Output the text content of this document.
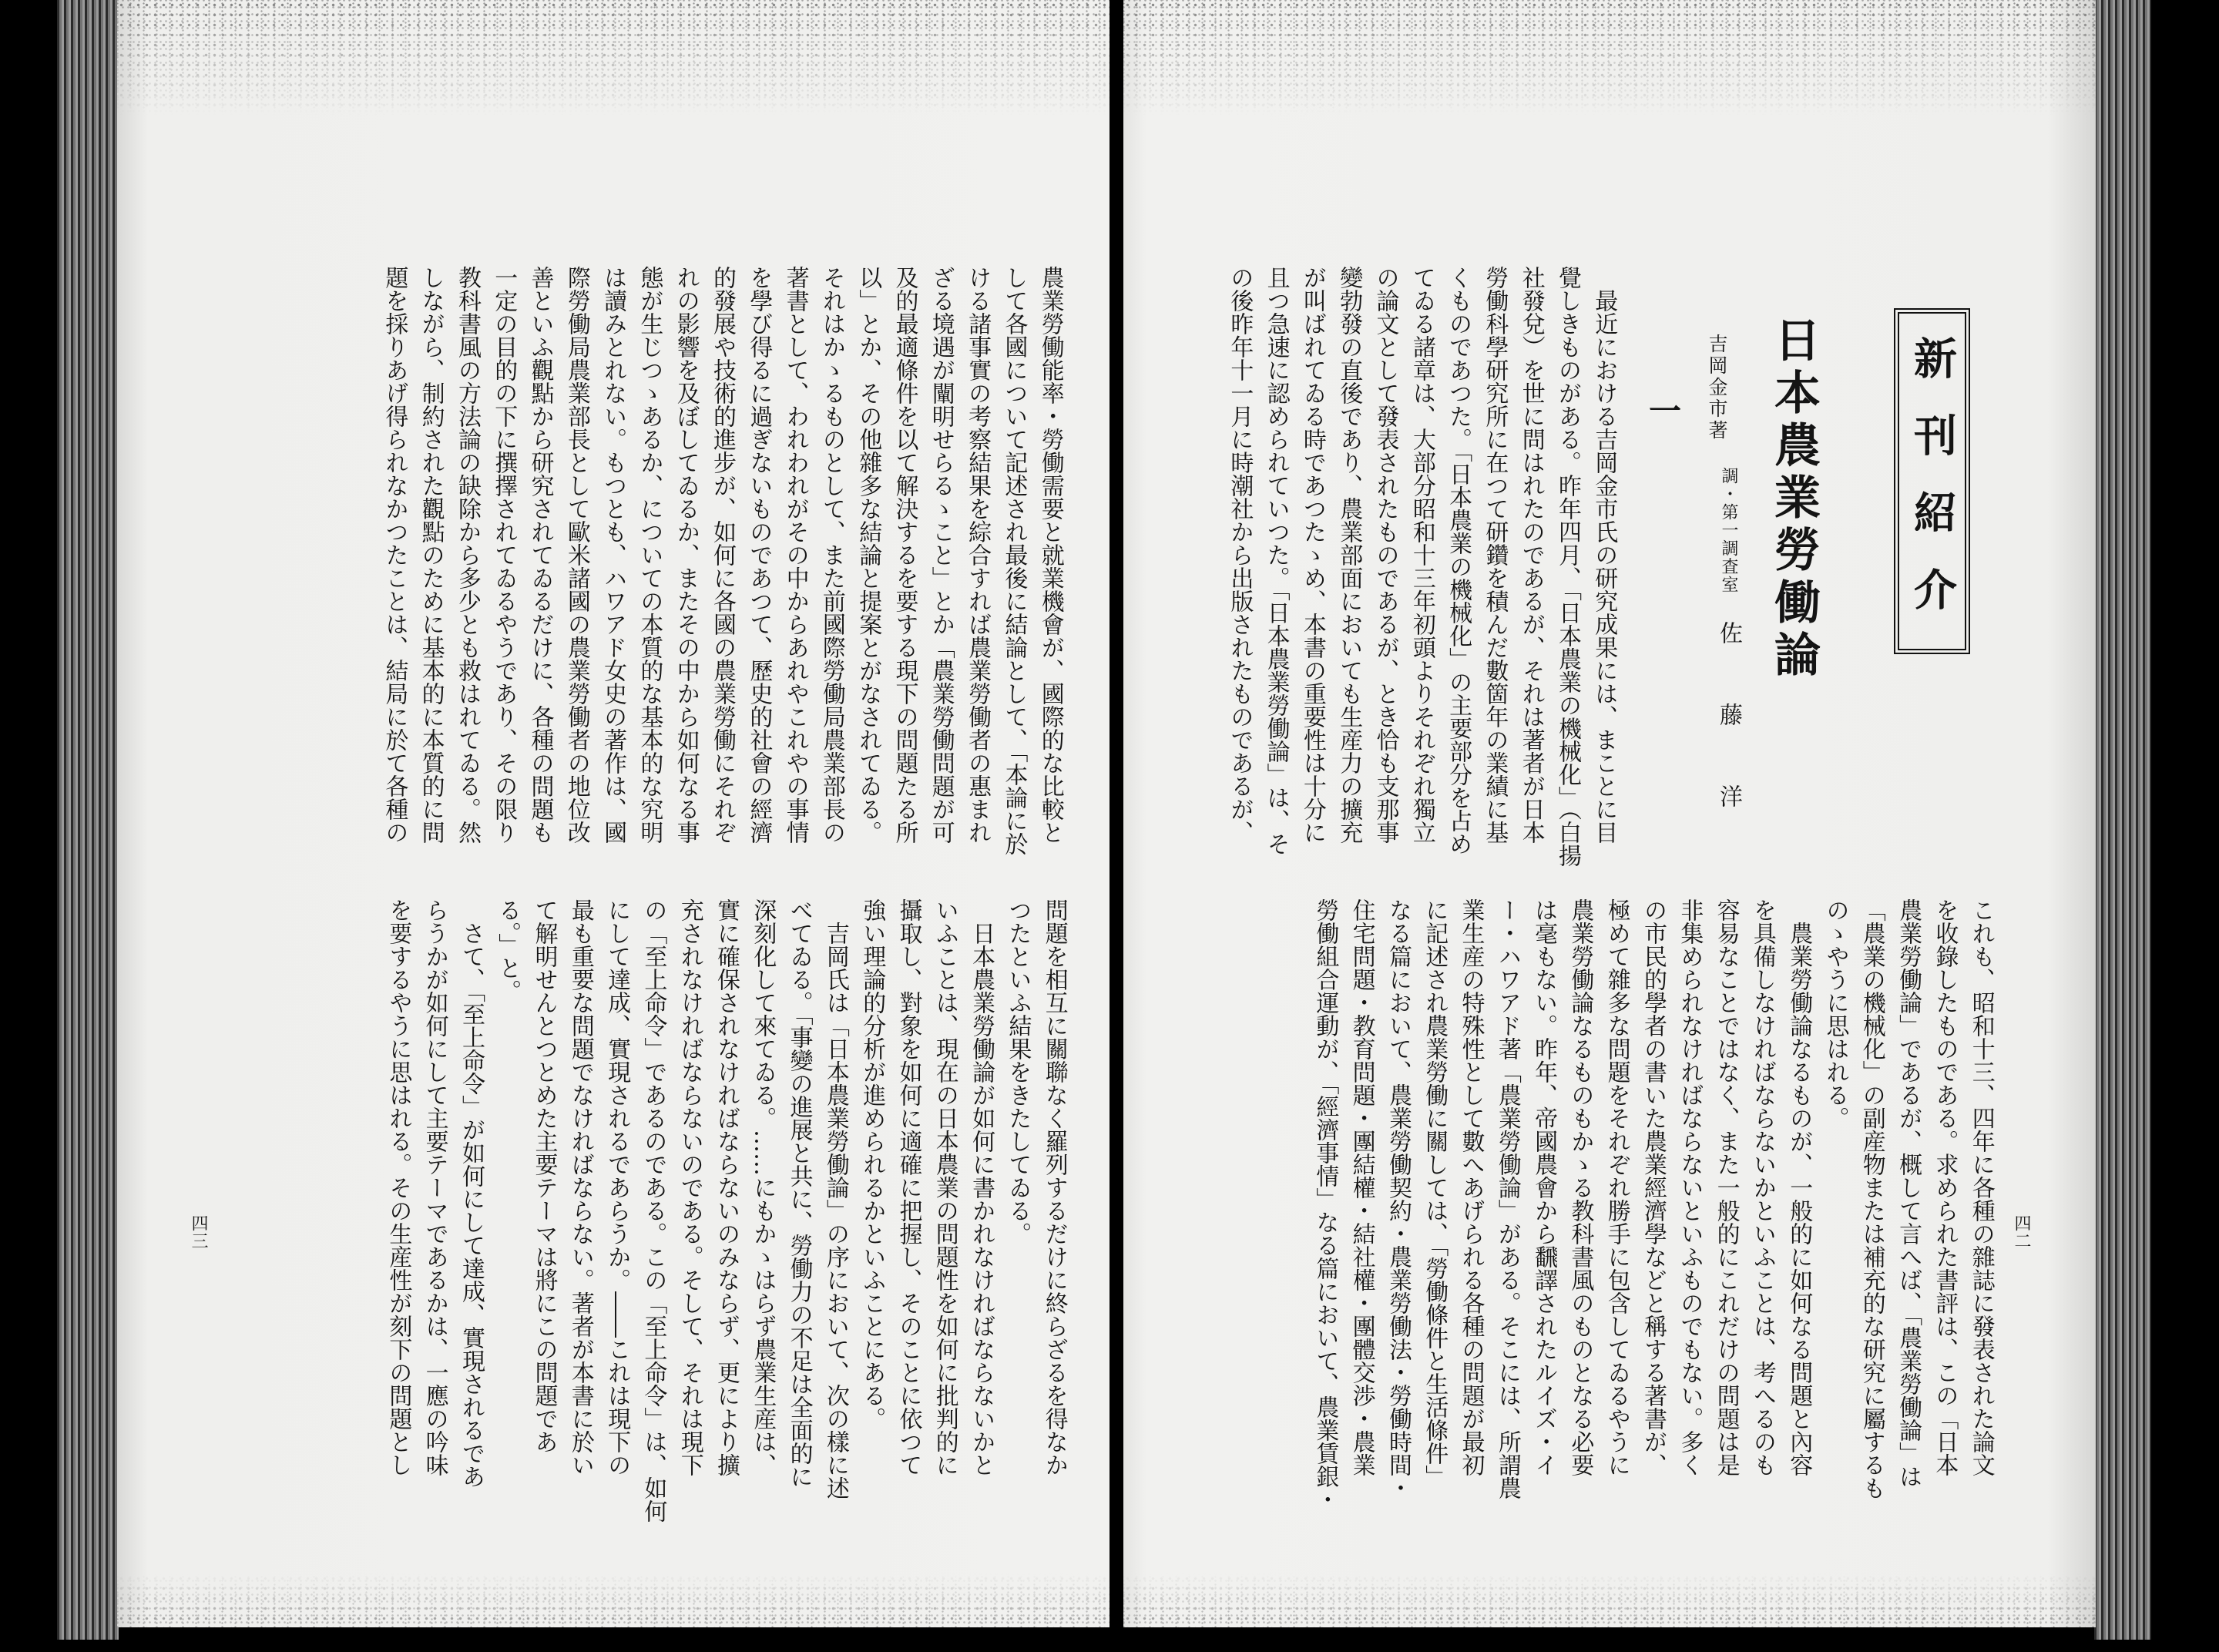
農業勞働能率・勞働需要と就業機會が、國際的な比較と
して各國について記述され最後に結論として、「本論に於
ける諸事實の考察結果を綜合すれば農業勞働者の惠まれ
ざる境遇が闡明せらるゝこと」とか「農業勞働問題が可
及的最適條件を以て解決するを要する現下の問題たる所
以」とか、その他雜多な結論と提案とがなされてゐる。
それはかゝるものとして、また前國際勞働局農業部長の
著書として、われわれがその中からあれやこれやの事情
を學び得るに過ぎないものであつて、歷史的社會の經濟
的發展や技術的進步が、如何に各國の農業勞働にそれぞ
れの影響を及ぼしてゐるか、またその中から如何なる事
態が生じつゝあるか、についての本質的な基本的な究明
は讀みとれない。もつとも、ハワアド女史の著作は、國
際勞働局農業部長として歐米諸國の農業勞働者の地位改
善といふ觀點から研究されてゐるだけに、各種の問題も
一定の目的の下に撰擇されてゐるやうであり、その限り
教科書風の方法論の缺除から多少とも救はれてゐる。然
しながら、制約された觀點のために基本的に本質的に問
題を採りあげ得られなかつたことは、結局に於て各種の
問題を相互に關聯なく羅列するだけに終らざるを得なか
つたといふ結果をきたしてゐる。
日本農業勞働論が如何に書かれなければならないかと
いふことは、現在の日本農業の問題性を如何に批判的に
攝取し、對象を如何に適確に把握し、そのことに依つて
強い理論的分析が進められるかといふことにある。
吉岡氏は「日本農業勞働論」の序において、次の樣に述
べてゐる。「事變の進展と共に、勞働力の不足は全面的に
深刻化して來てゐる。……にもかゝはらず農業生産は、
實に確保されなければならないのみならず、更により擴
充されなければならないのである。そして、それは現下
の「至上命令」であるのである。この「至上命令」は、如何
にして達成、實現されるであらうか。――これは現下の
最も重要な問題でなければならない。著者が本書に於い
て解明せんとつとめた主要テーマは將にこの問題であ
る。」と。
さて、「至上命令」が如何にして達成、實現されるであ
らうかが如何にして主要テーマであるかは、一應の吟味
を要するやうに思はれる。その生産性が刻下の問題とし
四三
新刊紹介
日本農業勞働論
吉岡金市著
調・第一調査室
佐藤洋
一
最近における吉岡金市氏の研究成果には、まことに目
覺しきものがある。昨年四月、「日本農業の機械化」（白揚
社發兌）を世に問はれたのであるが、それは著者が日本
勞働科學研究所に在つて研鑽を積んだ數箇年の業績に基
くものであつた。「日本農業の機械化」の主要部分を占め
てゐる諸章は、大部分昭和十三年初頭よりそれぞれ獨立
の論文として發表されたものであるが、とき恰も支那事
變勃發の直後であり、農業部面においても生産力の擴充
が叫ばれてゐる時であつたゝめ、本書の重要性は十分に
且つ急速に認められていつた。「日本農業勞働論」は、そ
の後昨年十一月に時潮社から出版されたものであるが、
これも、昭和十三、四年に各種の雜誌に發表された論文
を收錄したものである。求められた書評は、この「日本
農業勞働論」であるが、概して言へば、「農業勞働論」は
「農業の機械化」の副産物または補充的な研究に屬するも
のゝやうに思はれる。
農業勞働論なるものが、一般的に如何なる問題と內容
を具備しなければならないかといふことは、考へるのも
容易なことではなく、また一般的にこれだけの問題は是
非集められなければならないといふものでもない。多く
の市民的學者の書いた農業經濟學などと稱する著書が、
極めて雜多な問題をそれぞれ勝手に包含してゐるやうに
農業勞働論なるものもかゝる教科書風のものとなる必要
は毫もない。昨年、帝國農會から飜譯されたルイズ・イ
ー・ハワアド著「農業勞働論」がある。そこには、所謂農
業生産の特殊性として數へあげられる各種の問題が最初
に記述され農業勞働に關しては、「勞働條件と生活條件」
なる篇において、農業勞働契約・農業勞働法・勞働時間・
住宅問題・教育問題・團結權・結社權・團體交渉・農業
勞働組合運動が、「經濟事情」なる篇において、農業賃銀・	四二
